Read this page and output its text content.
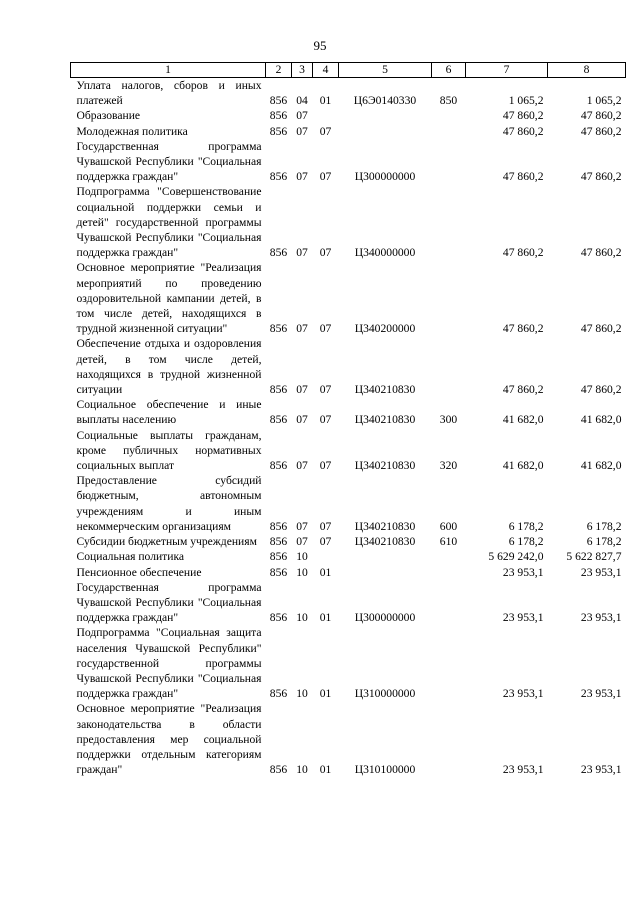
95
1	2	3	4	5	6	7	8
Уплата налогов, сборов и иных платежей	856	04	01	Ц6Э0140330	850	1 065,2	1 065,2
Образование	856	07				47 860,2	47 860,2
Молодежная политика	856	07	07			47 860,2	47 860,2
Государственная программа Чувашской Республики "Социальная поддержка граждан"	856	07	07	Ц300000000		47 860,2	47 860,2
Подпрограмма "Совершенствование социальной поддержки семьи и детей" государственной программы Чувашской Республики "Социальная поддержка граждан"	856	07	07	Ц340000000		47 860,2	47 860,2
Основное мероприятие "Реализация мероприятий по проведению оздоровительной кампании детей, в том числе детей, находящихся в трудной жизненной ситуации"	856	07	07	Ц340200000		47 860,2	47 860,2
Обеспечение отдыха и оздоровления детей, в том числе детей, находящихся в трудной жизненной ситуации	856	07	07	Ц340210830		47 860,2	47 860,2
Социальное обеспечение и иные выплаты населению	856	07	07	Ц340210830	300	41 682,0	41 682,0
Социальные выплаты гражданам, кроме публичных нормативных социальных выплат	856	07	07	Ц340210830	320	41 682,0	41 682,0
Предоставление субсидий бюджетным, автономным учреждениям и иным некоммерческим организациям	856	07	07	Ц340210830	600	6 178,2	6 178,2
Субсидии бюджетным учреждениям	856	07	07	Ц340210830	610	6 178,2	6 178,2
Социальная политика	856	10				5 629 242,0	5 622 827,7
Пенсионное обеспечение	856	10	01			23 953,1	23 953,1
Государственная программа Чувашской Республики "Социальная поддержка граждан"	856	10	01	Ц300000000		23 953,1	23 953,1
Подпрограмма "Социальная защита населения Чувашской Республики" государственной программы Чувашской Республики "Социальная поддержка граждан"	856	10	01	Ц310000000		23 953,1	23 953,1
Основное мероприятие "Реализация законодательства в области предоставления мер социальной поддержки отдельным категориям граждан"	856	10	01	Ц310100000		23 953,1	23 953,1
